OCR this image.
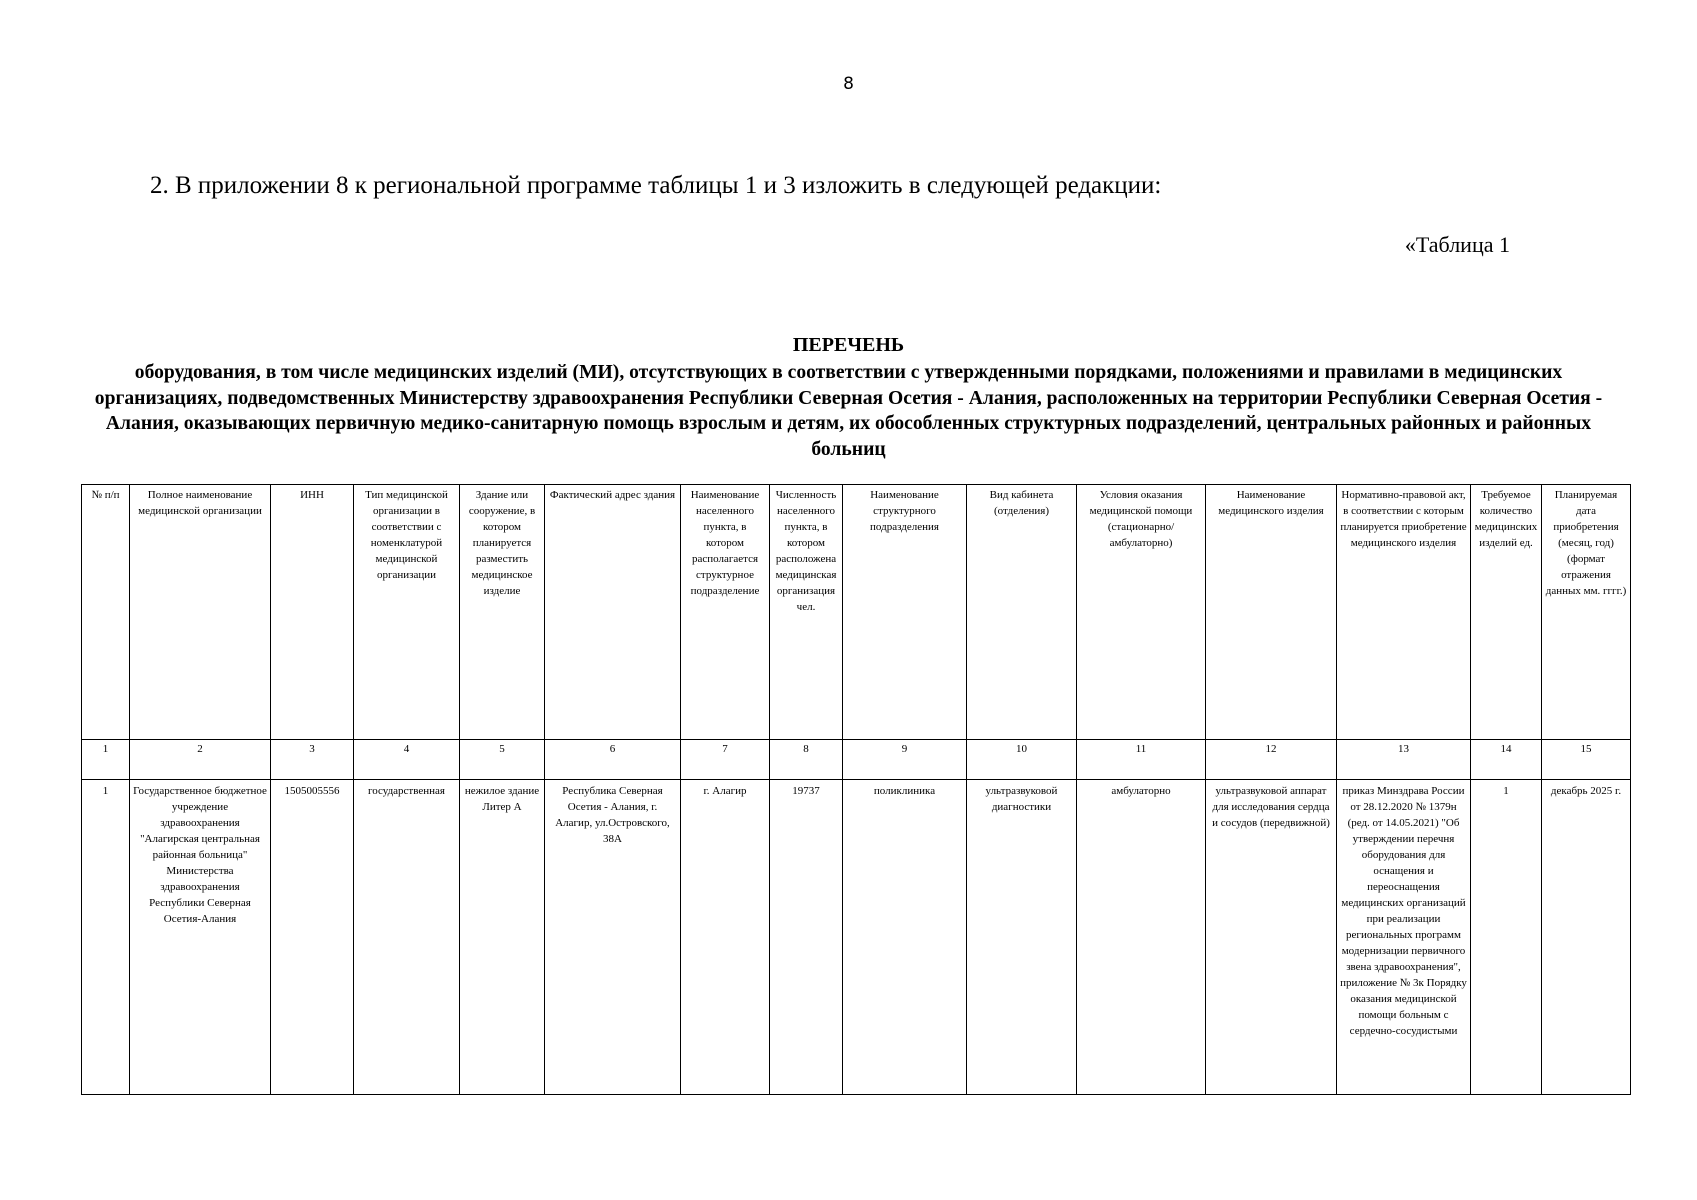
8
2. В приложении 8 к региональной программе таблицы 1 и 3 изложить в следующей редакции:
«Таблица 1
ПЕРЕЧЕНЬ
оборудования, в том числе медицинских изделий (МИ), отсутствующих в соответствии с утвержденными порядками, положениями и правилами в медицинских организациях, подведомственных Министерству здравоохранения Республики Северная Осетия - Алания, расположенных на территории Республики Северная Осетия - Алания, оказывающих первичную медико-санитарную помощь взрослым и детям, их обособленных структурных подразделений, центральных районных и районных больниц
№ п/п	Полное наименование медицинской организации	ИНН	Тип медицинской организации в соответствии с номенклатурой медицинской организации	Здание или сооружение, в котором планируется разместить медицинское изделие	Фактический адрес здания	Наименование населенного пункта, в котором располагается структурное подразделение	Численность населенного пункта, в котором расположена медицинская организация чел.	Наименование структурного подразделения	Вид кабинета (отделения)	Условия оказания медицинской помощи (стационарно/амбулаторно)	Наименование медицинского изделия	Нормативно-правовой акт, в соответствии с которым планируется приобретение медицинского изделия	Требуемое количество медицинских изделий ед.	Планируемая дата приобретения (месяц, год) (формат отражения данных мм. гггг.)
1	2	3	4	5	6	7	8	9	10	11	12	13	14	15
1	Государственное бюджетное учреждение здравоохранения "Алагирская центральная районная больница" Министерства здравоохранения Республики Северная Осетия-Алания	1505005556	государственная	нежилое здание Литер А	Республика Северная Осетия - Алания, г. Алагир, ул.Островского, 38А	г. Алагир	19737	поликлиника	ультразвуковой диагностики	амбулаторно	ультразвуковой аппарат для исследования сердца и сосудов (передвижной)	приказ Минздрава России от 28.12.2020 № 1379н (ред. от 14.05.2021) "Об утверждении перечня оборудования для оснащения и переоснащения медицинских организаций при реализации региональных программ модернизации первичного звена здравоохранения", приложение № 3к Порядку оказания медицинской помощи больным с сердечно-сосудистыми	1	декабрь 2025 г.
